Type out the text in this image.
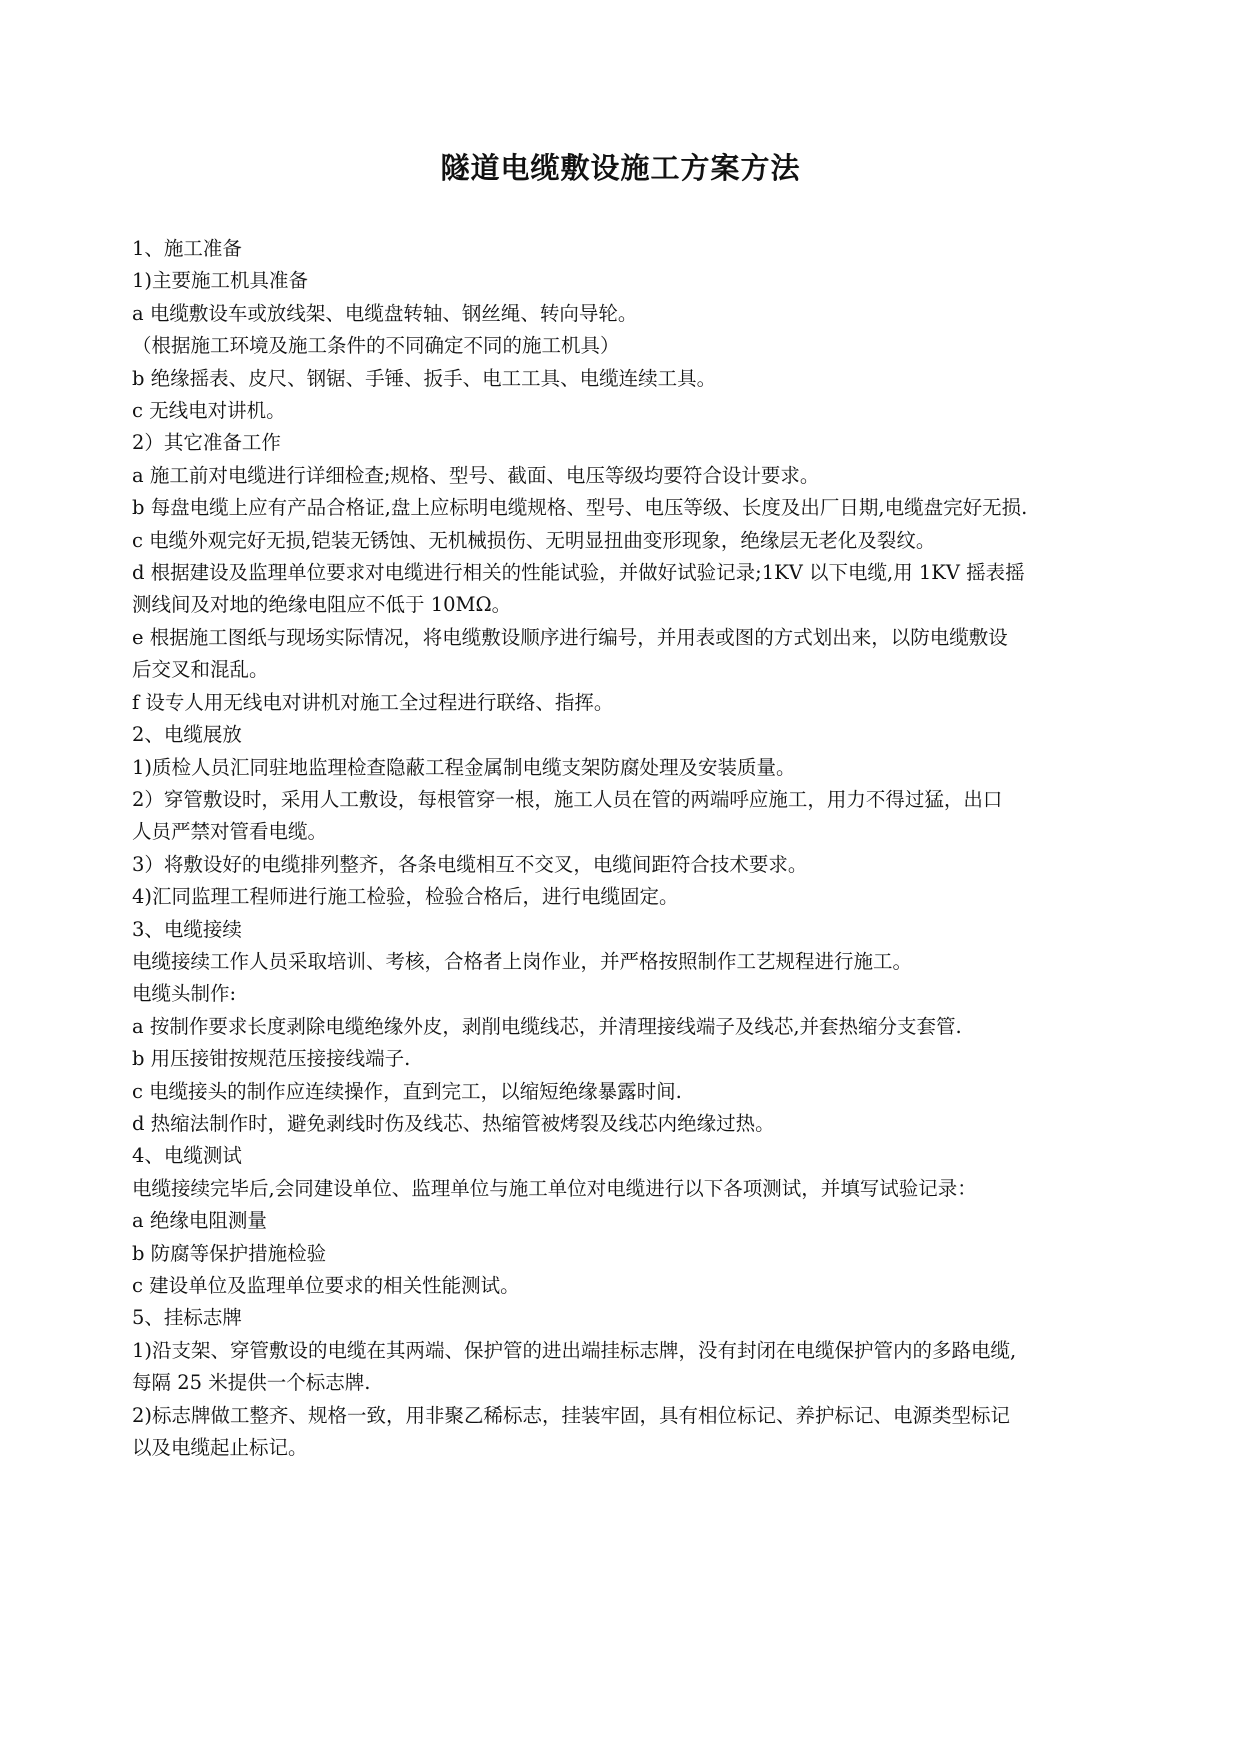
隧道电缆敷设施工方案方法

1、施工准备

1)主要施工机具准备

a 电缆敷设车或放线架、电缆盘转轴、钢丝绳、转向导轮。

（根据施工环境及施工条件的不同确定不同的施工机具）

b 绝缘摇表、皮尺、钢锯、手锤、扳手、电工工具、电缆连续工具。

c 无线电对讲机。

2）其它准备工作

a 施工前对电缆进行详细检查;规格、型号、截面、电压等级均要符合设计要求。

b 每盘电缆上应有产品合格证,盘上应标明电缆规格、型号、电压等级、长度及出厂日期,电缆盘完好无损.

c 电缆外观完好无损,铠装无锈蚀、无机械损伤、无明显扭曲变形现象，绝缘层无老化及裂纹。

d 根据建设及监理单位要求对电缆进行相关的性能试验，并做好试验记录;1KV 以下电缆,用 1KV 摇表摇

测线间及对地的绝缘电阻应不低于 10MΩ。

e 根据施工图纸与现场实际情况，将电缆敷设顺序进行编号，并用表或图的方式划出来，以防电缆敷设

后交叉和混乱。

f 设专人用无线电对讲机对施工全过程进行联络、指挥。

2、电缆展放

1)质检人员汇同驻地监理检查隐蔽工程金属制电缆支架防腐处理及安装质量。

2）穿管敷设时，采用人工敷设，每根管穿一根，施工人员在管的两端呼应施工，用力不得过猛，出口

人员严禁对管看电缆。

3）将敷设好的电缆排列整齐，各条电缆相互不交叉，电缆间距符合技术要求。

4)汇同监理工程师进行施工检验，检验合格后，进行电缆固定。

3、电缆接续

电缆接续工作人员采取培训、考核，合格者上岗作业，并严格按照制作工艺规程进行施工。

电缆头制作:

a 按制作要求长度剥除电缆绝缘外皮，剥削电缆线芯，并清理接线端子及线芯,并套热缩分支套管.

b 用压接钳按规范压接接线端子.

c 电缆接头的制作应连续操作，直到完工，以缩短绝缘暴露时间.

d 热缩法制作时，避免剥线时伤及线芯、热缩管被烤裂及线芯内绝缘过热。

4、电缆测试

电缆接续完毕后,会同建设单位、监理单位与施工单位对电缆进行以下各项测试，并填写试验记录：

a 绝缘电阻测量

b 防腐等保护措施检验

c 建设单位及监理单位要求的相关性能测试。

5、挂标志牌

1)沿支架、穿管敷设的电缆在其两端、保护管的进出端挂标志牌，没有封闭在电缆保护管内的多路电缆,

每隔 25 米提供一个标志牌.

2)标志牌做工整齐、规格一致，用非聚乙稀标志，挂装牢固，具有相位标记、养护标记、电源类型标记

以及电缆起止标记。
